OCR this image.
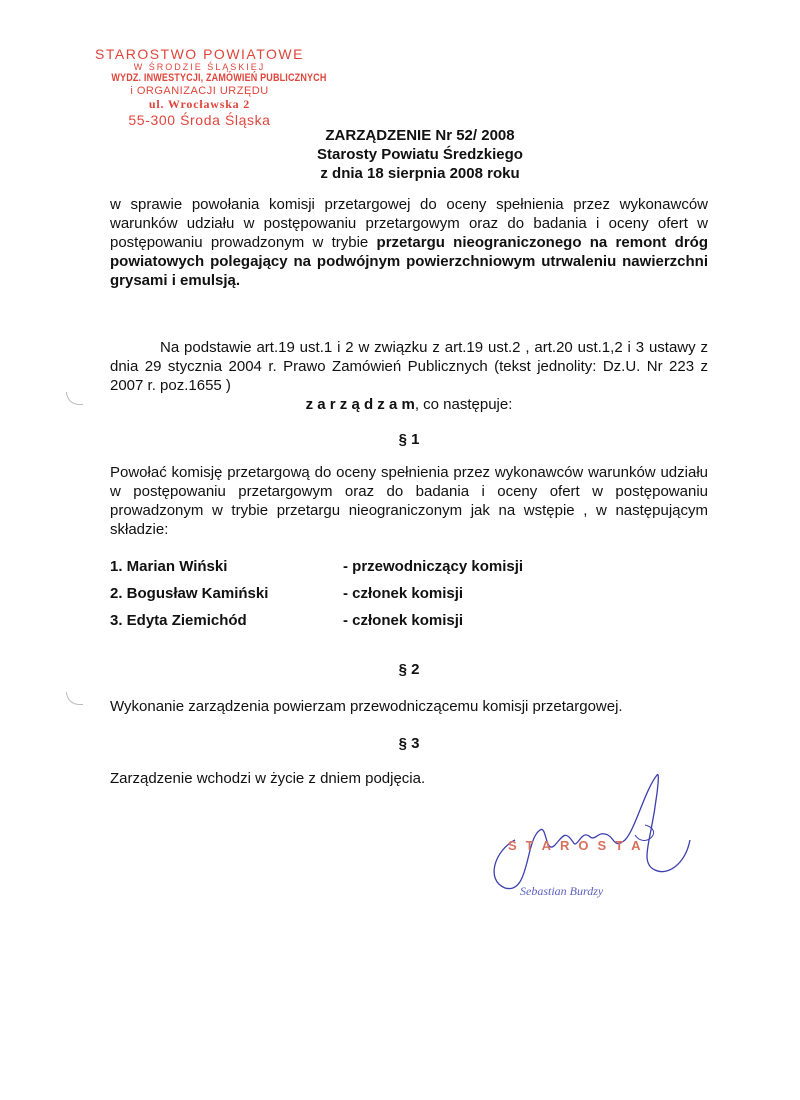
STAROSTWO POWIATOWE
W ŚRODZIE ŚLĄSKIEJ
WYDZ. INWESTYCJI, ZAMÓWIEŃ PUBLICZNYCH
i ORGANIZACJI URZĘDU
ul. Wrocławska 2
55-300 Środa Śląska
ZARZĄDZENIE Nr 52/ 2008
Starosty Powiatu Średzkiego
z dnia 18 sierpnia 2008 roku
w sprawie powołania komisji przetargowej do oceny spełnienia przez wykonawców warunków udziału w postępowaniu przetargowym oraz do badania i oceny ofert w postępowaniu prowadzonym w trybie przetargu nieograniczonego na remont dróg powiatowych polegający na podwójnym powierzchniowym utrwaleniu nawierzchni grysami i emulsją.
Na podstawie art.19 ust.1 i 2 w związku z art.19 ust.2 , art.20 ust.1,2 i 3 ustawy z dnia 29 stycznia 2004 r. Prawo Zamówień Publicznych (tekst jednolity: Dz.U. Nr 223 z 2007 r. poz.1655 )
z a r z ą d z a m, co następuje:
§ 1
Powołać komisję przetargową do oceny spełnienia przez wykonawców warunków udziału w postępowaniu przetargowym oraz do badania i oceny ofert w postępowaniu prowadzonym w trybie przetargu nieograniczonym jak na wstępie , w następującym składzie:
1. Marian Wiński	- przewodniczący komisji
2. Bogusław Kamiński	- członek komisji
3. Edyta Ziemichód	- członek komisji
§ 2
Wykonanie zarządzenia powierzam przewodniczącemu komisji przetargowej.
§ 3
Zarządzenie wchodzi w życie z dniem podjęcia.
STAROSTA
Sebastian Burdzy
